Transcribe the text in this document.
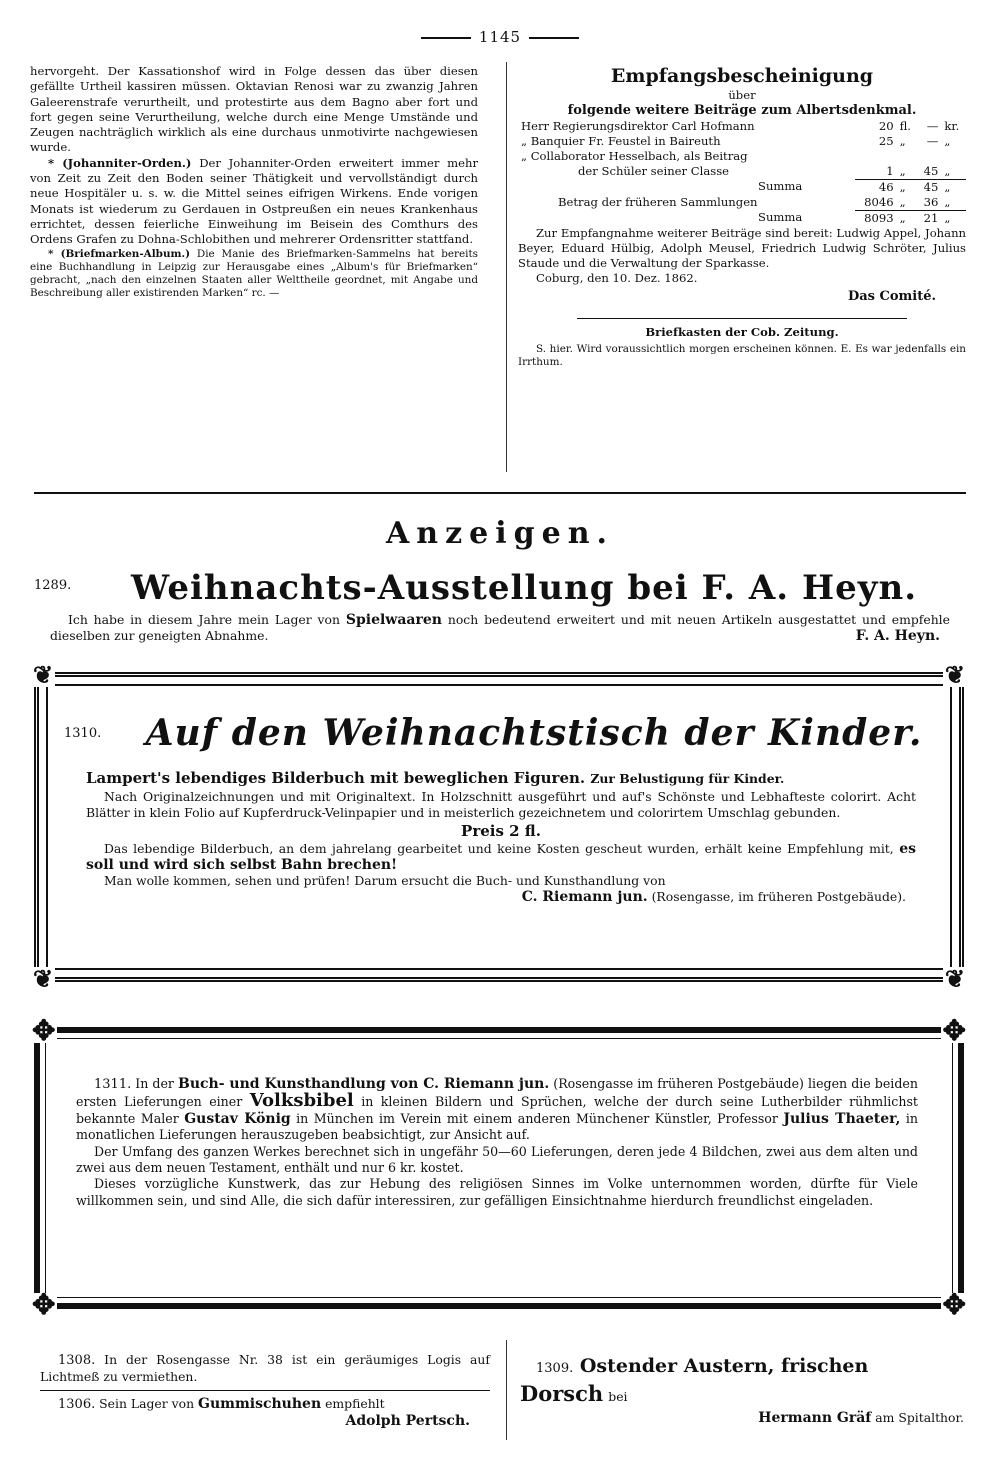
1145

hervorgeht. Der Kassationshof wird in Folge dessen das über diesen gefällte Urtheil kassiren müssen. Oktavian Renosi war zu zwanzig Jahren Galeerenstrafe verurtheilt, und protestirte aus dem Bagno aber fort und fort gegen seine Verurtheilung, welche durch eine Menge Umstände und Zeugen nachträglich wirklich als eine durchaus unmotivirte nachgewiesen wurde.

* (Johanniter-Orden.) Der Johanniter-Orden erweitert immer mehr von Zeit zu Zeit den Boden seiner Thätigkeit und vervollständigt durch neue Hospitäler u. s. w. die Mittel seines eifrigen Wirkens. Ende vorigen Monats ist wiederum zu Gerdauen in Ostpreußen ein neues Krankenhaus errichtet, dessen feierliche Einweihung im Beisein des Comthurs des Ordens Grafen zu Dohna-Schlobithen und mehrerer Ordensritter stattfand.

* (Briefmarken-Album.) Die Manie des Briefmarken-Sammelns hat bereits eine Buchhandlung in Leipzig zur Herausgabe eines „Album's für Briefmarken“ gebracht, „nach den einzelnen Staaten aller Welttheile geordnet, mit Angabe und Beschreibung aller existirenden Marken“ rc. —

Empfangsbescheinigung
über
folgende weitere Beiträge zum Albertsdenkmal.
Herr Regierungsdirektor Carl Hofmann	20	fl.	—	kr.
„ Banquier Fr. Feustel in Baireuth	25	„	—	„
„ Collaborator Hesselbach, als Beitrag				
der Schüler seiner Classe	1	„	45	„
Summa	46	„	45	„
Betrag der früheren Sammlungen	8046	„	36	„
Summa	8093	„	21	„

Zur Empfangnahme weiterer Beiträge sind bereit: Ludwig Appel, Johann Beyer, Eduard Hülbig, Adolph Meusel, Friedrich Ludwig Schröter, Julius Staude und die Verwaltung der Sparkasse.

Coburg, den 10. Dez. 1862.

Das Comité.

Briefkasten der Cob. Zeitung.

S. hier. Wird voraussichtlich morgen erscheinen können. E. Es war jedenfalls ein Irrthum.

Anzeigen.
1289.	Weihnachts-Ausstellung bei F. A. Heyn.

Ich habe in diesem Jahre mein Lager von Spielwaaren noch bedeutend erweitert und mit neuen Artikeln ausgestattet und empfehle dieselben zur geneigten Abnahme.	F. A. Heyn.

❦	❦
❦	❦
1310.	Auf den Weihnachtstisch der Kinder.

Lampert's lebendiges Bilderbuch mit beweglichen Figuren. Zur Belustigung für Kinder.

Nach Originalzeichnungen und mit Originaltext. In Holzschnitt ausgeführt und auf's Schönste und Lebhafteste colorirt. Acht Blätter in klein Folio auf Kupferdruck-Velinpapier und in meisterlich gezeichnetem und colorirtem Umschlag gebunden.

Preis 2 fl.

Das lebendige Bilderbuch, an dem jahrelang gearbeitet und keine Kosten gescheut wurden, erhält keine Empfehlung mit, es soll und wird sich selbst Bahn brechen!

Man wolle kommen, sehen und prüfen! Darum ersucht die Buch- und Kunsthandlung von

C. Riemann jun. (Rosengasse, im früheren Postgebäude).

✥	✥
✥	✥

1311. In der Buch- und Kunsthandlung von C. Riemann jun. (Rosengasse im früheren Postgebäude) liegen die beiden ersten Lieferungen einer Volksbibel in kleinen Bildern und Sprüchen, welche der durch seine Lutherbilder rühmlichst bekannte Maler Gustav König in München im Verein mit einem anderen Münchener Künstler, Professor Julius Thaeter, in monatlichen Lieferungen herauszugeben beabsichtigt, zur Ansicht auf.

Der Umfang des ganzen Werkes berechnet sich in ungefähr 50—60 Lieferungen, deren jede 4 Bildchen, zwei aus dem alten und zwei aus dem neuen Testament, enthält und nur 6 kr. kostet.

Dieses vorzügliche Kunstwerk, das zur Hebung des religiösen Sinnes im Volke unternommen worden, dürfte für Viele willkommen sein, und sind Alle, die sich dafür interessiren, zur gefälligen Einsichtnahme hierdurch freundlichst eingeladen.

1308. In der Rosengasse Nr. 38 ist ein geräumiges Logis auf Lichtmeß zu vermiethen.

1306. Sein Lager von Gummischuhen empfiehlt

Adolph Pertsch.

1309. Ostender Austern, frischen
Dorsch bei
Hermann Gräf am Spitalthor.
